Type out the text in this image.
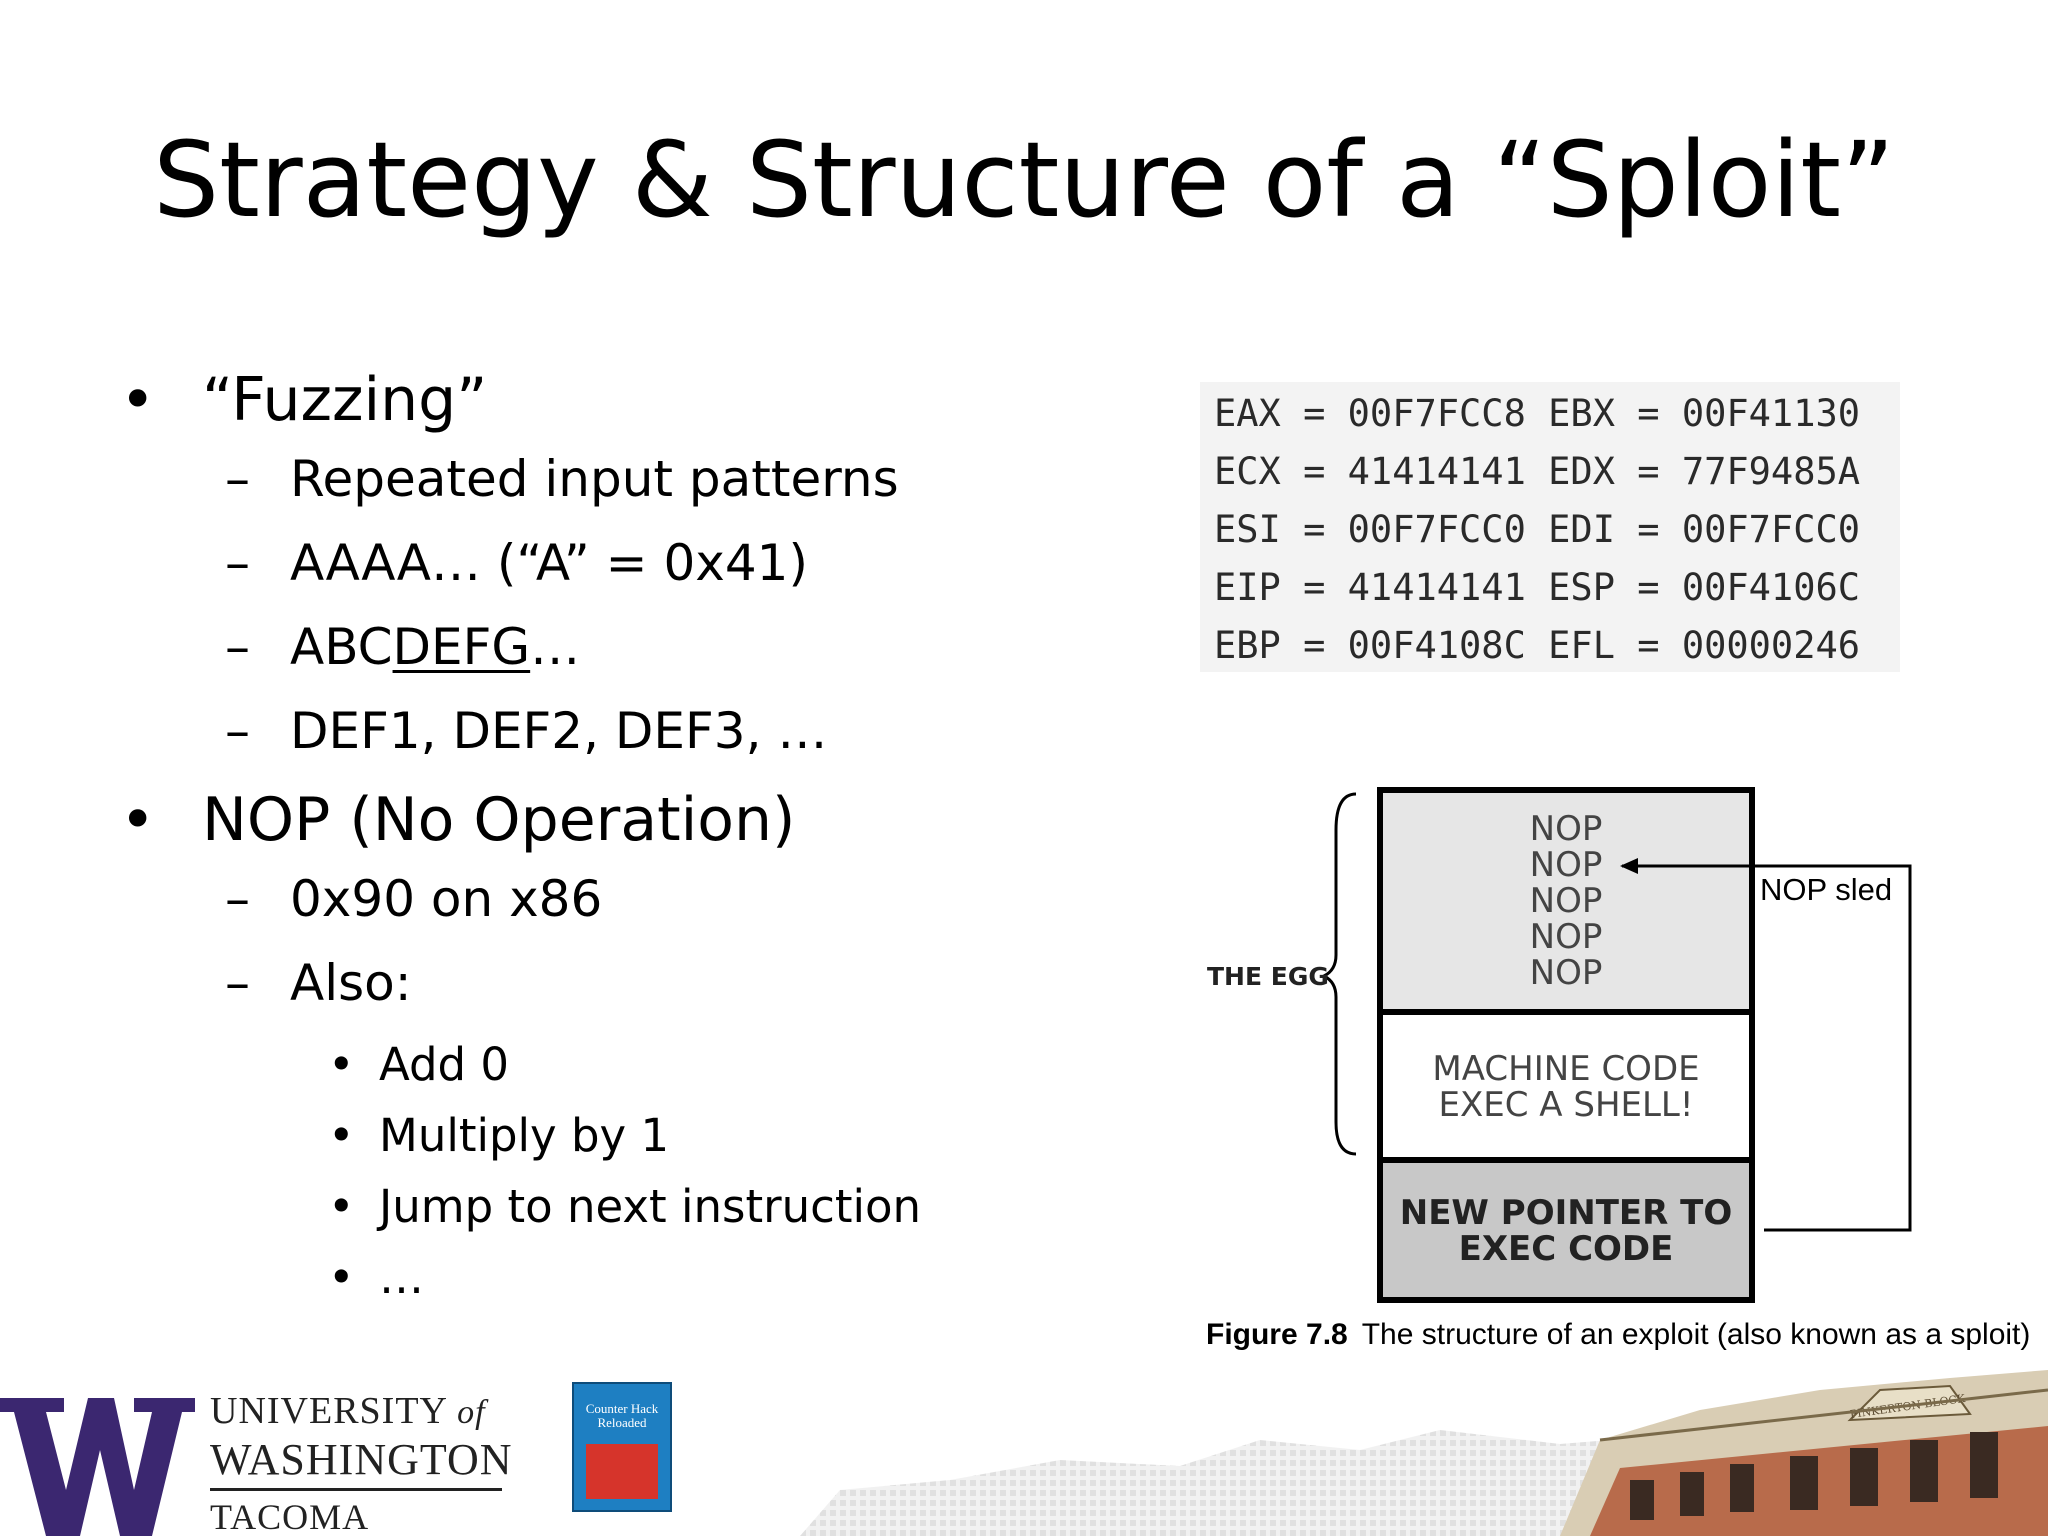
Strategy & Structure of a “Sploit”
• “Fuzzing”
– Repeated input patterns
– AAAA… (“A” = 0x41)
– ABCDEFG…
– DEF1, DEF2, DEF3, …
• NOP (No Operation)
– 0x90 on x86
– Also:
• Add 0
• Multiply by 1
• Jump to next instruction
• …
EAX = 00F7FCC8 EBX = 00F41130
ECX = 41414141 EDX = 77F9485A
ESI = 00F7FCC0 EDI = 00F7FCC0
EIP = 41414141 ESP = 00F4106C
EBP = 00F4108C EFL = 00000246
NOP
NOP
NOP
NOP
NOP
MACHINE CODE
EXEC A SHELL!
NEW POINTER TO
EXEC CODE
THE EGG
NOP sled
Figure 7.8 The structure of an exploit (also known as a sploit)
UNIVERSITY of
WASHINGTON
TACOMA
Counter Hack Reloaded
